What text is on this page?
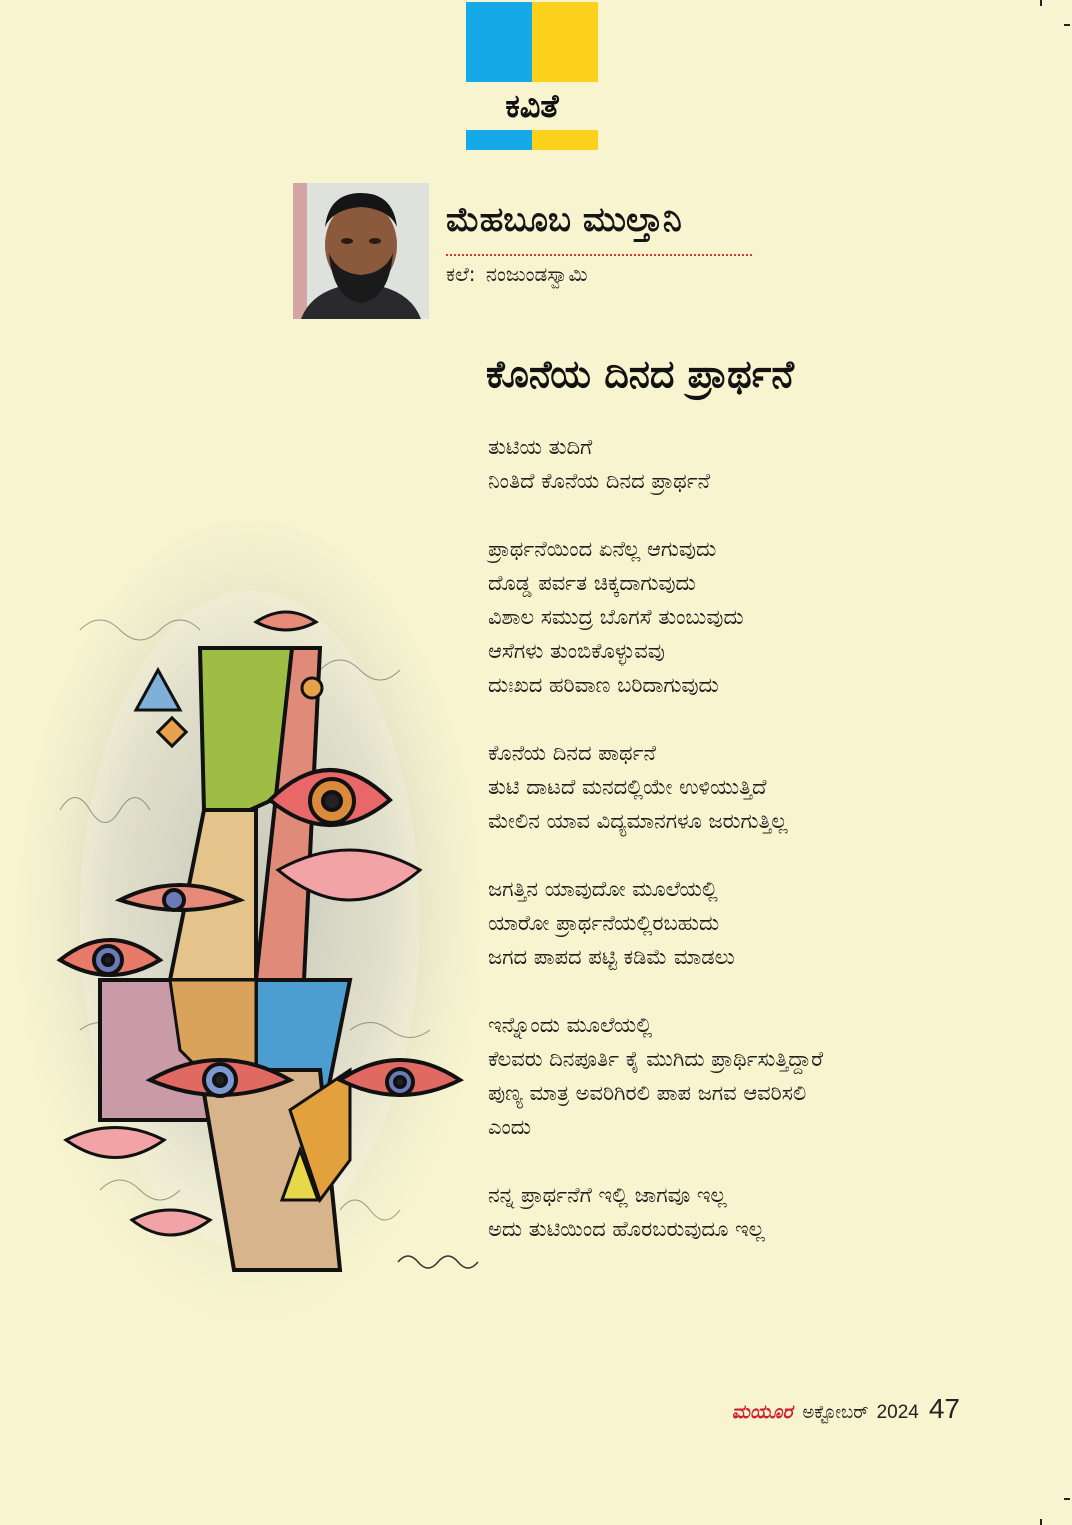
ಕವಿತೆ
ಮೆಹಬೂಬ ಮುಲ್ತಾನಿ
ಕಲೆ: ನಂಜುಂಡಸ್ವಾಮಿ
ಕೊನೆಯ ದಿನದ ಪ್ರಾರ್ಥನೆ
ತುಟಿಯ ತುದಿಗೆ
ನಿಂತಿದೆ ಕೊನೆಯ ದಿನದ ಪ್ರಾರ್ಥನೆ
ಪ್ರಾರ್ಥನೆಯಿಂದ ಏನೆಲ್ಲ ಆಗುವುದು
ದೊಡ್ಡ ಪರ್ವತ ಚಿಕ್ಕದಾಗುವುದು
ವಿಶಾಲ ಸಮುದ್ರ ಬೊಗಸೆ ತುಂಬುವುದು
ಆಸೆಗಳು ತುಂಬಿಕೊಳ್ಳುವವು
ದುಃಖದ ಹರಿವಾಣ ಬರಿದಾಗುವುದು
ಕೊನೆಯ ದಿನದ ಪಾರ್ಥನೆ
ತುಟಿ ದಾಟದೆ ಮನದಲ್ಲಿಯೇ ಉಳಿಯುತ್ತಿದೆ
ಮೇಲಿನ ಯಾವ ವಿದ್ಯಮಾನಗಳೂ ಜರುಗುತ್ತಿಲ್ಲ
ಜಗತ್ತಿನ ಯಾವುದೋ ಮೂಲೆಯಲ್ಲಿ
ಯಾರೋ ಪ್ರಾರ್ಥನೆಯಲ್ಲಿರಬಹುದು
ಜಗದ ಪಾಪದ ಪಟ್ಟಿ ಕಡಿಮೆ ಮಾಡಲು
ಇನ್ನೊಂದು ಮೂಲೆಯಲ್ಲಿ
ಕೆಲವರು ದಿನಪೂರ್ತಿ ಕೈ ಮುಗಿದು ಪ್ರಾರ್ಥಿಸುತ್ತಿದ್ದಾರೆ
ಪುಣ್ಯ ಮಾತ್ರ ಅವರಿಗಿರಲಿ ಪಾಪ ಜಗವ ಆವರಿಸಲಿ
ಎಂದು
ನನ್ನ ಪ್ರಾರ್ಥನೆಗೆ ಇಲ್ಲಿ ಜಾಗವೂ ಇಲ್ಲ
ಅದು ತುಟಿಯಿಂದ ಹೊರಬರುವುದೂ ಇಲ್ಲ
ಮಯೂರ ಅಕ್ಟೋಬರ್ 2024 47
